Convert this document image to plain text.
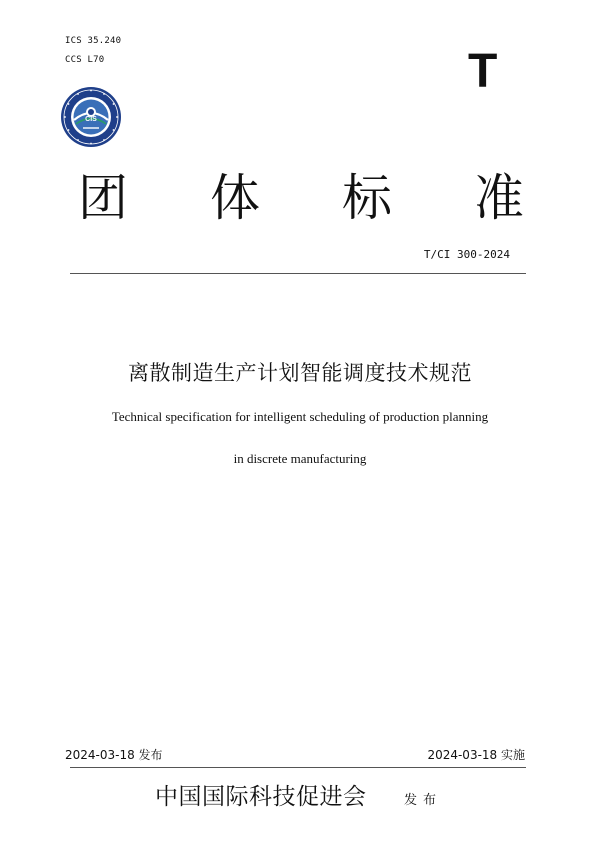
ICS 35.240
CCS L70	T
CIS
团 体 标 准
T/CI 300-2024
离散制造生产计划智能调度技术规范
Technical specification for intelligent scheduling of production planning
in discrete manufacturing
2024-03-18 发布	2024-03-18 实施
中国国际科技促进会	发布
